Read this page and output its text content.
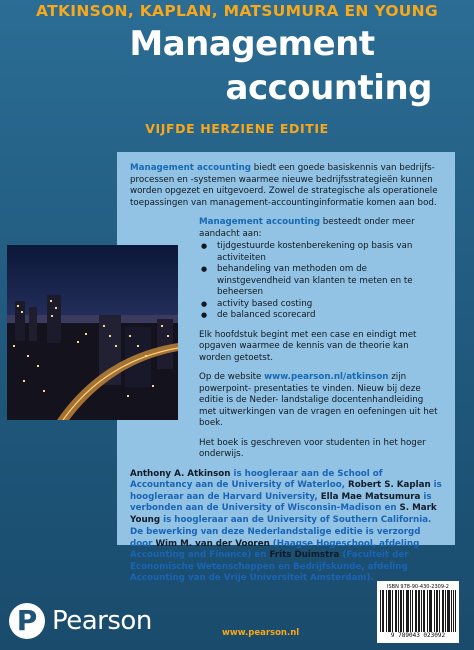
ATKINSON, KAPLAN, MATSUMURA EN YOUNG
Management
accounting
VIJFDE HERZIENE EDITIE

Management accounting biedt een goede basiskennis van bedrijfs- processen en -systemen waarmee nieuwe bedrijfsstrategieën kunnen worden opgezet en uitgevoerd. Zowel de strategische als operationele toepassingen van management-accountinginformatie komen aan bod.

Management accounting besteedt onder meer aandacht aan:

● tijdgestuurde kostenberekening op basis van activiteiten
● behandeling van methoden om de winstgevendheid van klanten te meten en te beheersen
● activity based costing
● de balanced scorecard

Elk hoofdstuk begint met een case en eindigt met opgaven waarmee de kennis van de theorie kan worden getoetst.

Op de website www.pearson.nl/atkinson zijn powerpoint- presentaties te vinden. Nieuw bij deze editie is de Neder- landstalige docentenhandleiding met uitwerkingen van de vragen en oefeningen uit het boek.

Het boek is geschreven voor studenten in het hoger onderwijs.

Anthony A. Atkinson is hoogleraar aan de School of Accountancy aan de University of Waterloo, Robert S. Kaplan is hoogleraar aan de Harvard University, Ella Mae Matsumura is verbonden aan de University of Wisconsin-Madison en S. Mark Young is hoogleraar aan de University of Southern California.

De bewerking van deze Nederlandstalige editie is verzorgd door Wim M. van der Vooren (Haagse Hogeschool, afdeling Accounting and Finance) en Frits Duimstra (Faculteit der Economische Wetenschappen en Bedrijfskunde, afdeling Accounting van de Vrije Universiteit Amsterdam).

ISBN 978-90-430-2309-2
9 789043 023092
P Pearson	www.pearson.nl
